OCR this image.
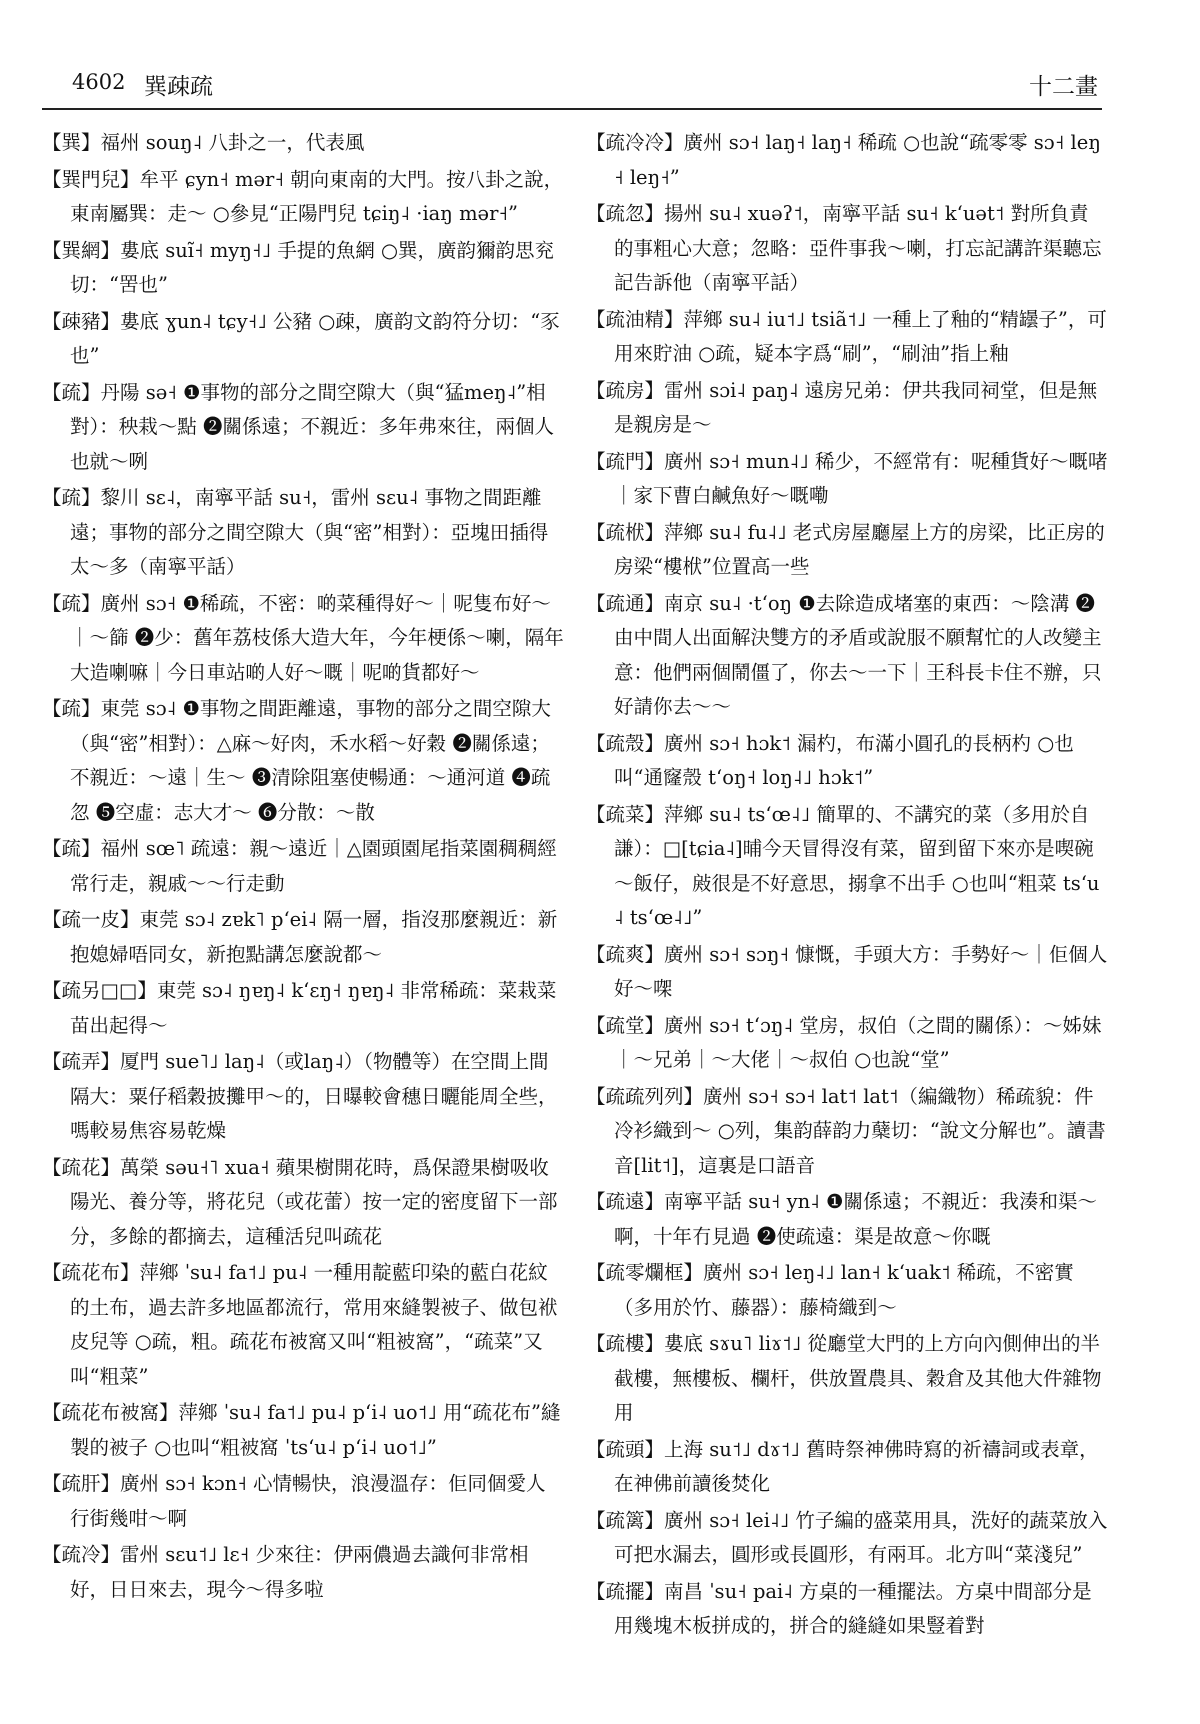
4602 巽疎疏	十二畫

【巽】福州 souŋ˨ 八卦之一，代表風

【巽門兒】牟平 ɕyn˧ mər˧ 朝向東南的大門。按八卦之說，東南屬巽：走～ ○參見“正陽門兒 tɕiŋ˨ ·iaŋ mər˧”

【巽網】婁底 suĩ˧ myŋ˧˩ 手提的魚網 ○巽，廣韵獮韵思兖切：“罟也”

【疎豬】婁底 ɣun˨ tɕy˧˩ 公豬 ○疎，廣韵文韵符分切：“豕也”

【疏】丹陽 sə˧ ❶事物的部分之間空隙大（與“猛meŋ˨”相對）：秧栽～點 ❷關係遠；不親近：多年弗來往，兩個人也就～咧

【疏】黎川 sɛ˨，南寧平話 su˧，雷州 sɛu˨ 事物之間距離遠；事物的部分之間空隙大（與“密”相對）：亞塊田插得太～多（南寧平話）

【疏】廣州 sɔ˧ ❶稀疏，不密：啲菜種得好～｜呢隻布好～｜～篩 ❷少：舊年荔枝係大造大年，今年梗係～喇，隔年大造喇嘛｜今日車站啲人好～嘅｜呢啲貨都好～

【疏】東莞 sɔ˨ ❶事物之間距離遠，事物的部分之間空隙大（與“密”相對）：△麻～好肉，禾水稻～好穀 ❷關係遠；不親近：～遠｜生～ ❸清除阻塞使暢通：～通河道 ❹疏忽 ❺空虛：志大才～ ❻分散：～散

【疏】福州 sœ˥ 疏遠：親～遠近｜△園頭園尾指菜園稠稠經常行走，親戚～～行走動

【疏一皮】東莞 sɔ˨ zɐk˥ pʻei˨ 隔一層，指沒那麼親近：新抱媳婦唔同女，新抱點講怎麼說都～

【疏另□□】東莞 sɔ˨ ŋɐŋ˨ kʻɛŋ˧ ŋɐŋ˨ 非常稀疏：菜栽菜苗出起得～

【疏弄】厦門 sue˥˩ laŋ˨（或laŋ˨）（物體等）在空間上間隔大：粟仔稻穀披攤甲～的，日曝較會穗日曬能周全些，嗎較易焦容易乾燥

【疏花】萬榮 səu˧˥ xua˧ 蘋果樹開花時，爲保證果樹吸收陽光、養分等，將花兒（或花蕾）按一定的密度留下一部分，多餘的都摘去，這種活兒叫疏花

【疏花布】萍鄉 ˈsu˨ fa˦˩ pu˨ 一種用靛藍印染的藍白花紋的土布，過去許多地區都流行，常用來縫製被子、做包袱皮兒等 ○疏，粗。疏花布被窩又叫“粗被窩”，“疏菜”又叫“粗菜”

【疏花布被窩】萍鄉 ˈsu˨ fa˦˩ pu˨ pʻi˨ uo˦˩ 用“疏花布”縫製的被子 ○也叫“粗被窩 ˈtsʻu˨ pʻi˨ uo˦˩”

【疏肝】廣州 sɔ˧ kɔn˧ 心情暢快，浪漫溫存：佢同個愛人行街幾咁～啊

【疏冷】雷州 sɛu˦˩ lɛ˧ 少來往：伊兩儂過去識何非常相好，日日來去，現今～得多啦

【疏冷冷】廣州 sɔ˧ laŋ˧ laŋ˧ 稀疏 ○也說“疏零零 sɔ˧ leŋ˧ leŋ˧”

【疏忽】揚州 su˨ xuəʔ˦，南寧平話 su˧ kʻuət˦ 對所負責的事粗心大意；忽略：亞件事我～喇，打忘記講許渠聽忘記告訴他（南寧平話）

【疏油精】萍鄉 su˨ iu˦˩ tsiã˦˩ 一種上了釉的“精罎子”，可用來貯油 ○疏，疑本字爲“刷”，“刷油”指上釉

【疏房】雷州 sɔi˨ paŋ˨ 遠房兄弟：伊共我同祠堂，但是無是親房是～

【疏門】廣州 sɔ˧ mun˨˩ 稀少，不經常有：呢種貨好～嘅啫｜家下曹白鹹魚好～嘅嘞

【疏栿】萍鄉 su˨ fu˨˩ 老式房屋廳屋上方的房梁，比正房的房梁“樓栿”位置高一些

【疏通】南京 su˨ ·tʻoŋ ❶去除造成堵塞的東西：～陰溝 ❷由中間人出面解決雙方的矛盾或說服不願幫忙的人改變主意：他們兩個鬧僵了，你去～一下｜王科長卡住不辦，只好請你去～～

【疏殼】廣州 sɔ˧ hɔk˦ 漏杓，布滿小圓孔的長柄杓 ○也叫“通窿殼 tʻoŋ˧ loŋ˨˩ hɔk˦”

【疏菜】萍鄉 su˨ tsʻœ˨˩ 簡單的、不講究的菜（多用於自謙）：□[tɕia˨]晡今天冒得沒有菜，留到留下來亦是喫碗～飯仔，㪐很是不好意思，搦拿不出手 ○也叫“粗菜 tsʻu˨ tsʻœ˨˩”

【疏爽】廣州 sɔ˧ sɔŋ˧ 慷慨，手頭大方：手勢好～｜佢個人好～㗎

【疏堂】廣州 sɔ˧ tʻɔŋ˨ 堂房，叔伯（之間的關係）：～姊妹｜～兄弟｜～大佬｜～叔伯 ○也說“堂”

【疏疏列列】廣州 sɔ˧ sɔ˧ lat˦ lat˦（編織物）稀疏貌：件冷衫織到～ ○列，集韵薛韵力蘖切：“說文分解也”。讀書音[lit˦]，這裏是口語音

【疏遠】南寧平話 su˧ yn˨ ❶關係遠；不親近：我湊和渠～啊，十年冇見過 ❷使疏遠：渠是故意～你嘅

【疏零爛框】廣州 sɔ˧ leŋ˨˩ lan˧ kʻuak˦ 稀疏，不密實（多用於竹、藤器）：藤椅織到～

【疏樓】婁底 sɤu˥ liɤ˦˩ 從廳堂大門的上方向內側伸出的半截樓，無樓板、欄杆，供放置農具、穀倉及其他大件雜物用

【疏頭】上海 su˦˩ dɤ˦˩ 舊時祭神佛時寫的祈禱詞或表章，在神佛前讀後焚化

【疏篱】廣州 sɔ˧ lei˨˩ 竹子編的盛菜用具，洗好的蔬菜放入可把水漏去，圓形或長圓形，有兩耳。北方叫“菜淺兒”

【疏擺】南昌 ˈsu˧ pai˨ 方桌的一種擺法。方桌中間部分是用幾塊木板拼成的，拼合的縫縫如果豎着對
